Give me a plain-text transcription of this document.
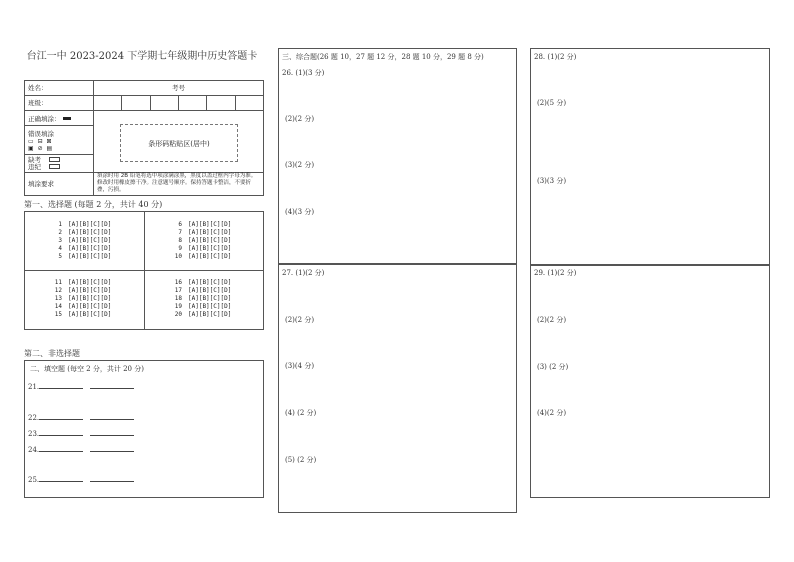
台江一中 2023-2024 下学期七年级期中历史答题卡
姓名：	考号					
班级：						
正确填涂：						

错误填涂
▭ ⊟ ⊠
▣ ⊘ ▤						

缺考
违纪						

填涂要求	填涂时用 2B 铅笔将选中项涂满涂黑，黑度以盖过框内字母为准。修改时用橡皮擦干净。注意题号顺序。保持答题卡整洁，不要折叠，污损。					
条形码粘贴区(居中)
第一、选择题 (每题 2 分，共计 40 分)
1 [A][B][C][D]
2 [A][B][C][D]
3 [A][B][C][D]
4 [A][B][C][D]
5 [A][B][C][D]
6 [A][B][C][D]
7 [A][B][C][D]
8 [A][B][C][D]
9 [A][B][C][D]
10 [A][B][C][D]
11 [A][B][C][D]
12 [A][B][C][D]
13 [A][B][C][D]
14 [A][B][C][D]
15 [A][B][C][D]
16 [A][B][C][D]
17 [A][B][C][D]
18 [A][B][C][D]
19 [A][B][C][D]
20 [A][B][C][D]
第二、非选择题
二、填空题 (每空 2 分，共计 20 分)
21.
22.
23.
24.
25.
三、综合题(26 题 10，27 题 12 分，28 题 10 分，29 题 8 分)
26. (1)(3 分)
(2)(2 分)
(3)(2 分)
(4)(3 分)
27. (1)(2 分)
(2)(2 分)
(3)(4 分)
(4) (2 分)
(5) (2 分)
28. (1)(2 分)
(2)(5 分)
(3)(3 分)
29. (1)(2 分)
(2)(2 分)
(3) (2 分)
(4)(2 分)
